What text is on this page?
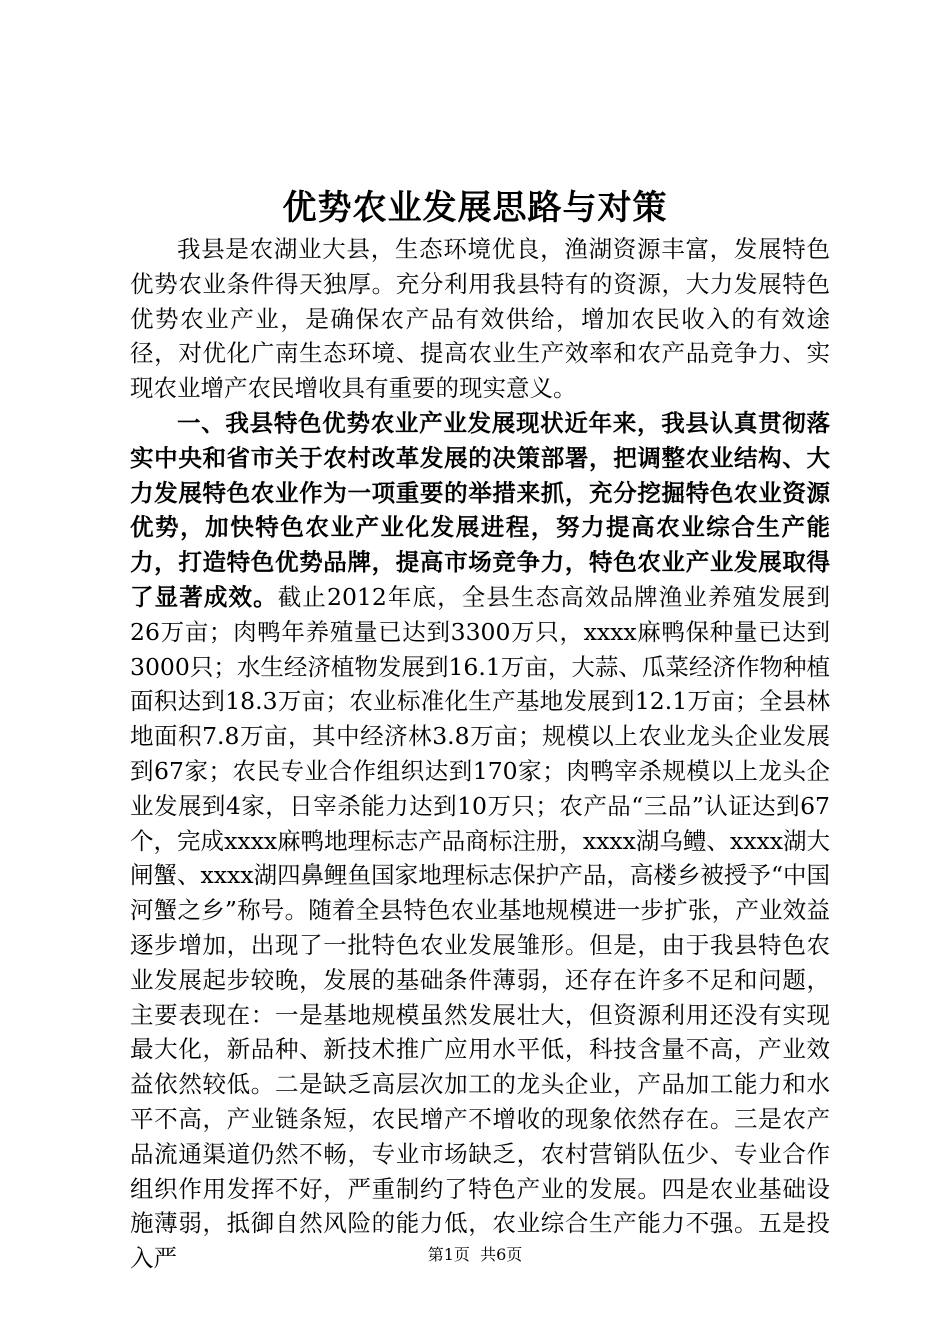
优势农业发展思路与对策

我县是农湖业大县，生态环境优良，渔湖资源丰富，发展特色优势农业条件得天独厚。充分利用我县特有的资源，大力发展特色优势农业产业，是确保农产品有效供给，增加农民收入的有效途径，对优化广南生态环境、提高农业生产效率和农产品竞争力、实现农业增产农民增收具有重要的现实意义。

一、我县特色优势农业产业发展现状近年来，我县认真贯彻落实中央和省市关于农村改革发展的决策部署，把调整农业结构、大力发展特色农业作为一项重要的举措来抓，充分挖掘特色农业资源优势，加快特色农业产业化发展进程，努力提高农业综合生产能力，打造特色优势品牌，提高市场竞争力，特色农业产业发展取得了显著成效。截止2012年底，全县生态高效品牌渔业养殖发展到26万亩；肉鸭年养殖量已达到3300万只，xxxx麻鸭保种量已达到3000只；水生经济植物发展到16.1万亩，大蒜、瓜菜经济作物种植面积达到18.3万亩；农业标准化生产基地发展到12.1万亩；全县林地面积7.8万亩，其中经济林3.8万亩；规模以上农业龙头企业发展到67家；农民专业合作组织达到170家；肉鸭宰杀规模以上龙头企业发展到4家，日宰杀能力达到10万只；农产品“三品”认证达到67个，完成xxxx麻鸭地理标志产品商标注册，xxxx湖乌鳢、xxxx湖大闸蟹、xxxx湖四鼻鲤鱼国家地理标志保护产品，高楼乡被授予“中国河蟹之乡”称号。随着全县特色农业基地规模进一步扩张，产业效益逐步增加，出现了一批特色农业发展雏形。但是，由于我县特色农业发展起步较晚，发展的基础条件薄弱，还存在许多不足和问题，主要表现在：一是基地规模虽然发展壮大，但资源利用还没有实现最大化，新品种、新技术推广应用水平低，科技含量不高，产业效益依然较低。二是缺乏高层次加工的龙头企业，产品加工能力和水平不高，产业链条短，农民增产不增收的现象依然存在。三是农产品流通渠道仍然不畅，专业市场缺乏，农村营销队伍少、专业合作组织作用发挥不好，严重制约了特色产业的发展。四是农业基础设施薄弱，抵御自然风险的能力低，农业综合生产能力不强。五是投入严	第1页 共6页
